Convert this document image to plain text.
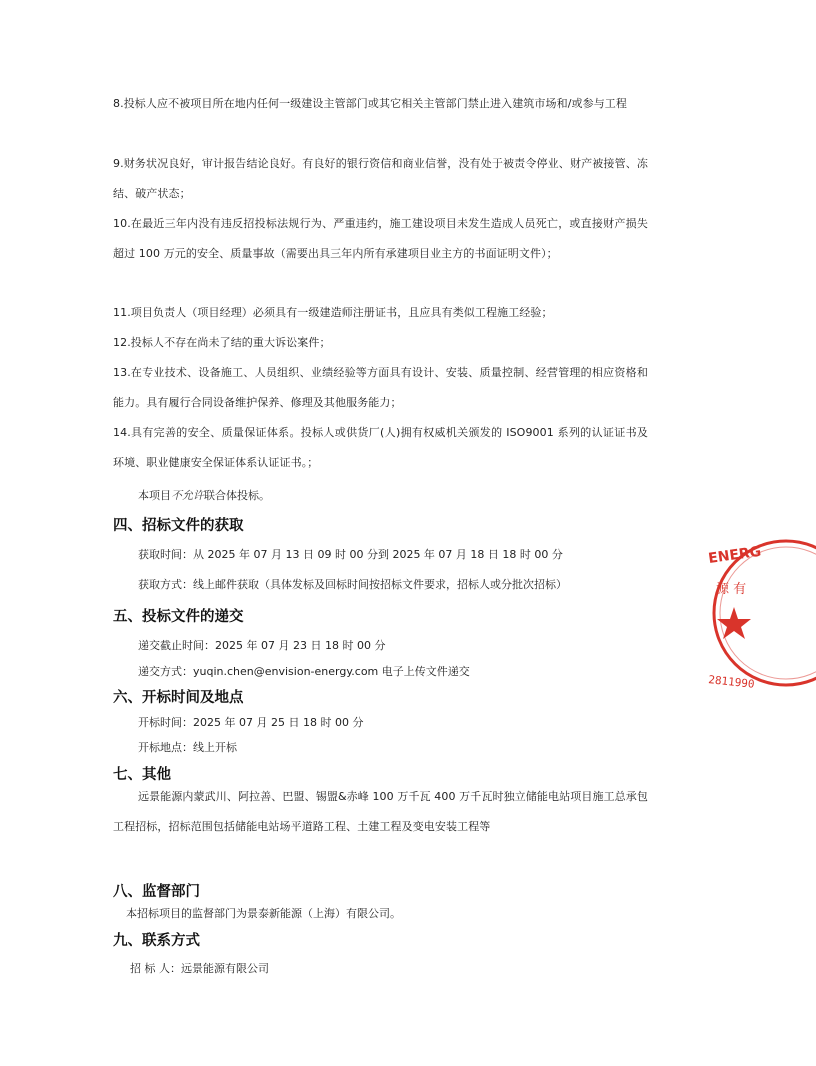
8.投标人应不被项目所在地内任何一级建设主管部门或其它相关主管部门禁止进入建筑市场和/或参与工程
9.财务状况良好，审计报告结论良好。有良好的银行资信和商业信誉，没有处于被责令停业、财产被接管、冻结、破产状态；
10.在最近三年内没有违反招投标法规行为、严重违约，施工建设项目未发生造成人员死亡，或直接财产损失超过 100 万元的安全、质量事故（需要出具三年内所有承建项目业主方的书面证明文件）；
11.项目负责人（项目经理）必须具有一级建造师注册证书，且应具有类似工程施工经验；
12.投标人不存在尚未了结的重大诉讼案件；
13.在专业技术、设备施工、人员组织、业绩经验等方面具有设计、安装、质量控制、经营管理的相应资格和能力。具有履行合同设备维护保养、修理及其他服务能力；
14.具有完善的安全、质量保证体系。投标人或供货厂(人)拥有权威机关颁发的 ISO9001 系列的认证证书及环境、职业健康安全保证体系认证证书。；
本项目不允许联合体投标。
四、招标文件的获取
获取时间：从 2025 年 07 月 13 日 09 时 00 分到 2025 年 07 月 18 日 18 时 00 分
获取方式：线上邮件获取（具体发标及回标时间按招标文件要求，招标人或分批次招标）
五、投标文件的递交
递交截止时间：2025 年 07 月 23 日 18 时 00 分
递交方式：yuqin.chen@envision-energy.com 电子上传文件递交
六、开标时间及地点
开标时间：2025 年 07 月 25 日 18 时 00 分
开标地点：线上开标
七、其他
远景能源内蒙武川、阿拉善、巴盟、锡盟&赤峰 100 万千瓦 400 万千瓦时独立储能电站项目施工总承包工程招标，招标范围包括储能电站场平道路工程、土建工程及变电安装工程等
八、监督部门
本招标项目的监督部门为景泰新能源（上海）有限公司。
九、联系方式
招 标 人：远景能源有限公司
ENERG
源 有
2811990
